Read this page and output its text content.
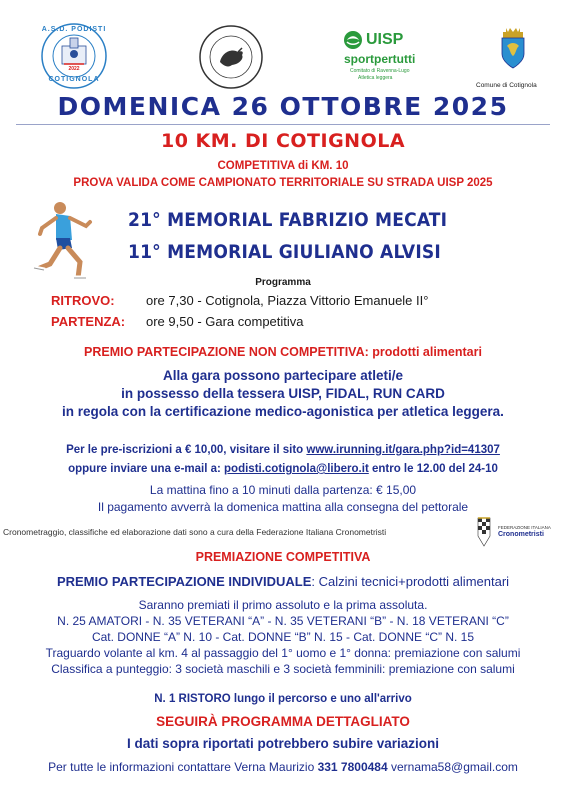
A.S.D. PODISTI
2022
COTIGNOLA
UISP
sportpertutti
Comitato di Ravenna-Lugo
Atletica leggera
Comune di Cotignola
DOMENICA 26 OTTOBRE 2025
10 KM. DI COTIGNOLA
COMPETITIVA di KM. 10
PROVA VALIDA COME CAMPIONATO TERRITORIALE SU STRADA UISP 2025
21° MEMORIAL FABRIZIO MECATI
11° MEMORIAL GIULIANO ALVISI
Programma
RITROVO: ore 7,30 - Cotignola, Piazza Vittorio Emanuele II°
PARTENZA: ore 9,50 - Gara competitiva
PREMIO PARTECIPAZIONE NON COMPETITIVA: prodotti alimentari
Alla gara possono partecipare atleti/e
in possesso della tessera UISP, FIDAL, RUN CARD
in regola con la certificazione medico-agonistica per atletica leggera.
Per le pre-iscrizioni a € 10,00, visitare il sito www.irunning.it/gara.php?id=41307
oppure inviare una e-mail a: podisti.cotignola@libero.it entro le 12.00 del 24-10
La mattina fino a 10 minuti dalla partenza: € 15,00
Il pagamento avverrà la domenica mattina alla consegna del pettorale
Cronometraggio, classifiche ed elaborazione dati sono a cura della Federazione Italiana Cronometristi	FEDERAZIONE ITALIANA
Cronometristi
PREMIAZIONE COMPETITIVA
PREMIO PARTECIPAZIONE INDIVIDUALE: Calzini tecnici+prodotti alimentari
Saranno premiati il primo assoluto e la prima assoluta.
N. 25 AMATORI - N. 35 VETERANI “A” - N. 35 VETERANI “B” - N. 18 VETERANI “C”
Cat. DONNE “A” N. 10 - Cat. DONNE “B” N. 15 - Cat. DONNE “C” N. 15
Traguardo volante al km. 4 al passaggio del 1° uomo e 1° donna: premiazione con salumi
Classifica a punteggio: 3 società maschili e 3 società femminili: premiazione con salumi
N. 1 RISTORO lungo il percorso e uno all'arrivo
SEGUIRÀ PROGRAMMA DETTAGLIATO
I dati sopra riportati potrebbero subire variazioni
Per tutte le informazioni contattare Verna Maurizio 331 7800484 vernama58@gmail.com
